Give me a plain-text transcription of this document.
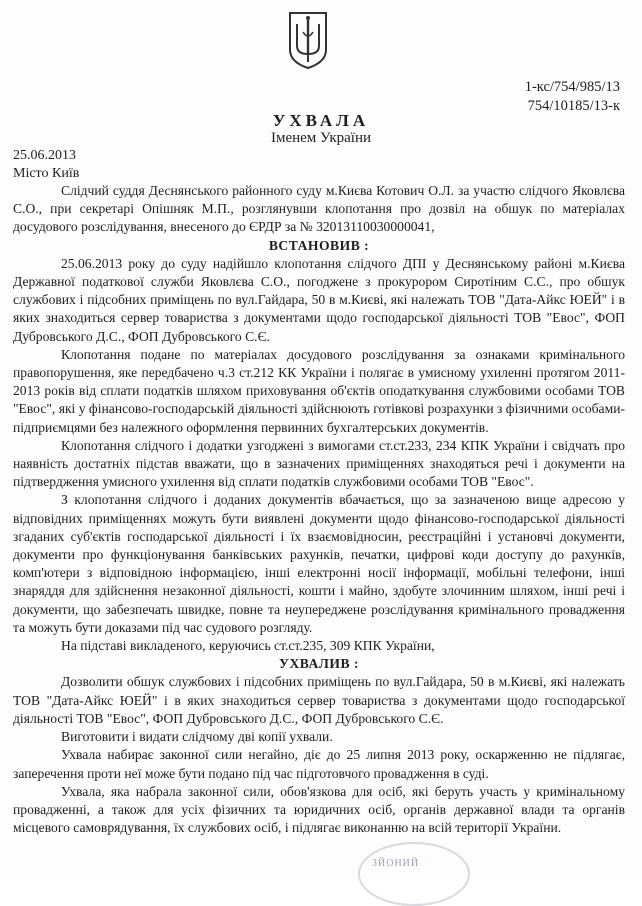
1-кс/754/985/13
754/10185/13-к
УХВАЛА
Іменем України
25.06.2013
Місто Київ

Слідчий суддя Деснянського районного суду м.Києва Котович О.Л. за участю слідчого Яковлєва С.О., при секретарі Опішняк М.П., розглянувши клопотання про дозвіл на обшук по матеріалах досудового розслідування, внесеного до ЄРДР за № 32013110030000041,

ВСТАНОВИВ :

25.06.2013 року до суду надійшло клопотання слідчого ДПІ у Деснянському районі м.Києва Державної податкової служби Яковлєва С.О., погоджене з прокурором Сиротіним С.С., про обшук службових і підсобних приміщень по вул.Гайдара, 50 в м.Києві, які належать ТОВ "Дата-Айкс ЮЕЙ" і в яких знаходиться сервер товариства з документами щодо господарської діяльності ТОВ "Евос", ФОП Дубровського Д.С., ФОП Дубровського С.Є.

Клопотання подане по матеріалах досудового розслідування за ознаками кримінального правопорушення, яке передбачено ч.3 ст.212 КК України і полягає в умисному ухиленні протягом 2011-2013 років від сплати податків шляхом приховування об'єктів оподаткування службовими особами ТОВ "Евос", які у фінансово-господарській діяльності здійснюють готівкові розрахунки з фізичними особами-підприємцями без належного оформлення первинних бухгалтерських документів.

Клопотання слідчого і додатки узгоджені з вимогами ст.ст.233, 234 КПК України і свідчать про наявність достатніх підстав вважати, що в зазначених приміщеннях знаходяться речі і документи на підтвердження умисного ухилення від сплати податків службовими особами ТОВ "Евос".

З клопотання слідчого і доданих документів вбачається, що за зазначеною вище адресою у відповідних приміщеннях можуть бути виявлені документи щодо фінансово-господарської діяльності згаданих суб'єктів господарської діяльності і їх взаємовідносин, реєстраційні і установчі документи, документи про функціонування банківських рахунків, печатки, цифрові коди доступу до рахунків, комп'ютери з відповідною інформацією, інші електронні носії інформації, мобільні телефони, інші знаряддя для здійснення незаконної діяльності, кошти і майно, здобуте злочинним шляхом, інші речі і документи, що забезпечать швидке, повне та неупереджене розслідування кримінального провадження та можуть бути доказами під час судового розгляду.

На підставі викладеного, керуючись ст.ст.235, 309 КПК України,

УХВАЛИВ :

Дозволити обшук службових і підсобних приміщень по вул.Гайдара, 50 в м.Києві, які належать ТОВ "Дата-Айкс ЮЕЙ" і в яких знаходиться сервер товариства з документами щодо господарської діяльності ТОВ "Евос", ФОП Дубровського Д.С., ФОП Дубровського С.Є.

Виготовити і видати слідчому дві копії ухвали.

Ухвала набирає законної сили негайно, діє до 25 липня 2013 року, оскарженню не підлягає, заперечення проти неї може бути подано під час підготовчого провадження в суді.

Ухвала, яка набрала законної сили, обов'язкова для осіб, які беруть участь у кримінальному провадженні, а також для усіх фізичних та юридичних осіб, органів державної влади та органів місцевого самоврядування, їх службових осіб, і підлягає виконанню на всій території України.

ЗЙОНИЙ
